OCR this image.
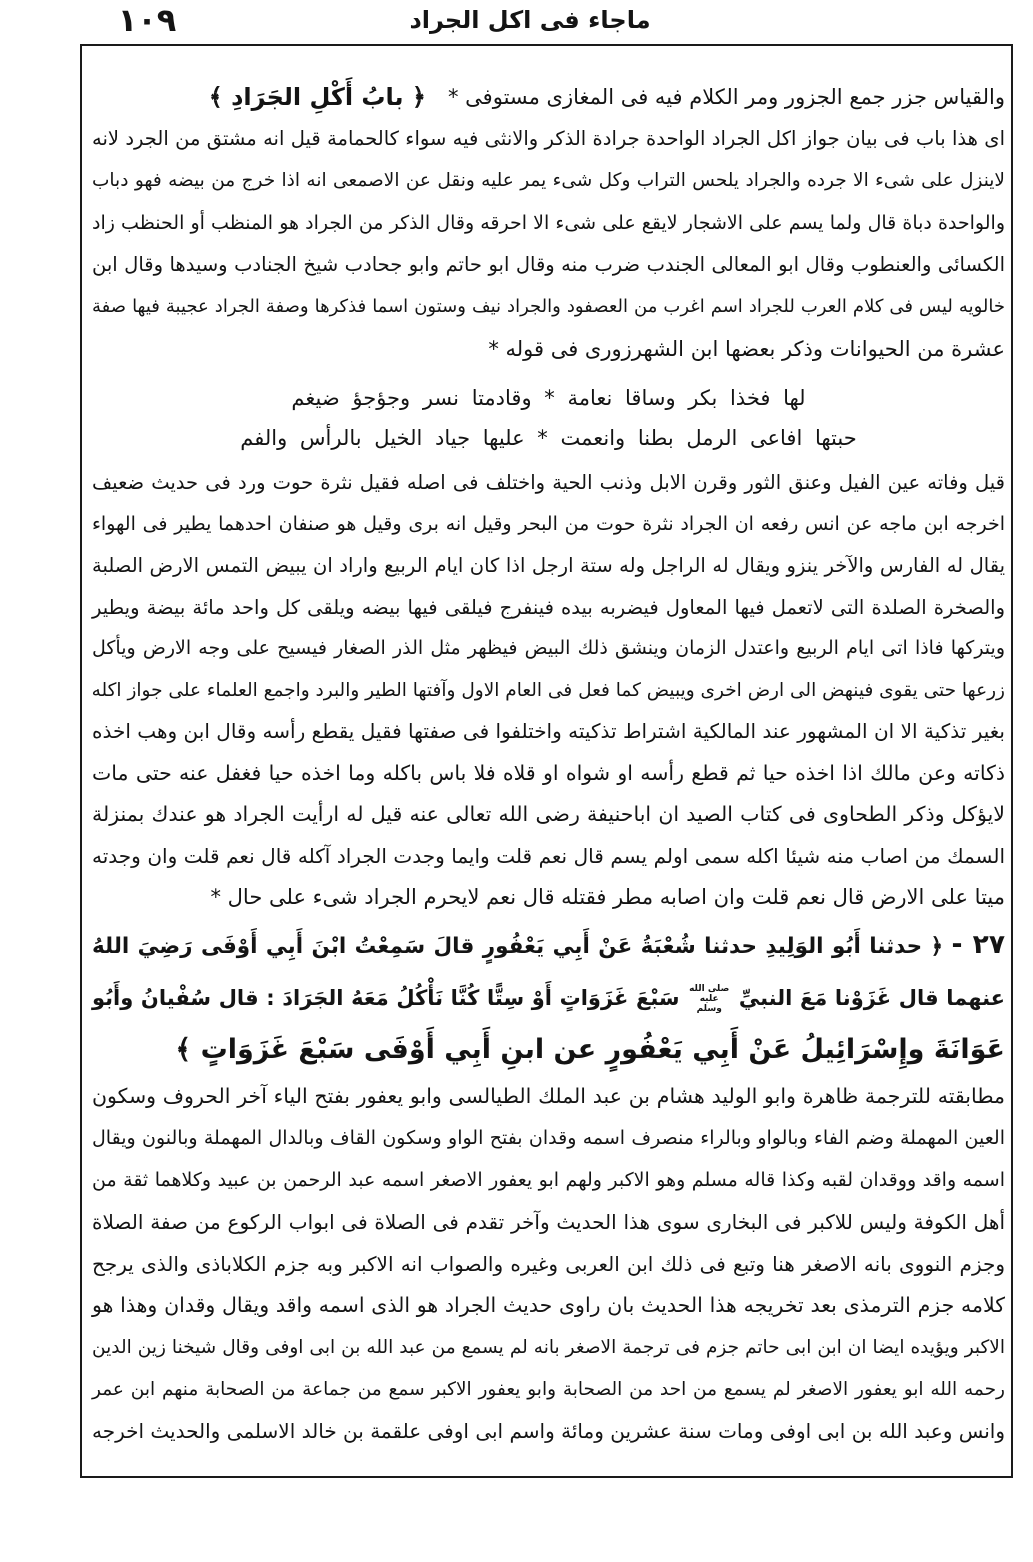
ماجاء فى اكل الجراد
١٠٩
والقياس جزر جمع الجزور ومر الكلام فيه فى المغازى مستوفى *
﴿ بابُ أَكْلِ الجَرَادِ ﴾
اى هذا باب فى بيان جواز اكل الجراد الواحدة جرادة الذكر والانثى فيه سواء كالحمامة قيل انه مشتق من الجرد لانه
لاينزل على شىء الا جرده والجراد يلحس التراب وكل شىء يمر عليه ونقل عن الاصمعى انه اذا خرج من بيضه فهو دباب
والواحدة دباة قال ولما يسم على الاشجار لايقع على شىء الا احرقه وقال الذكر من الجراد هو المنظب أو الحنظب زاد
الكسائى والعنطوب وقال ابو المعالى الجندب ضرب منه وقال ابو حاتم وابو جحادب شيخ الجنادب وسيدها وقال ابن
خالويه ليس فى كلام العرب للجراد اسم اغرب من العصفود والجراد نيف وستون اسما فذكرها وصفة الجراد عجيبة فيها صفة
عشرة من الحيوانات وذكر بعضها ابن الشهرزورى فى قوله *
لها فخذا بكر وساقا نعامة * وقادمتا نسر وجؤجؤ ضيغم
حبتها افاعى الرمل بطنا وانعمت * عليها جياد الخيل بالرأس والفم
قيل وفاته عين الفيل وعنق الثور وقرن الابل وذنب الحية واختلف فى اصله فقيل نثرة حوت ورد فى حديث ضعيف
اخرجه ابن ماجه عن انس رفعه ان الجراد نثرة حوت من البحر وقيل انه برى وقيل هو صنفان احدهما يطير فى الهواء
يقال له الفارس والآخر ينزو ويقال له الراجل وله ستة ارجل اذا كان ايام الربيع واراد ان يبيض التمس الارض الصلبة
والصخرة الصلدة التى لاتعمل فيها المعاول فيضربه بيده فينفرج فيلقى فيها بيضه ويلقى كل واحد مائة بيضة ويطير
ويتركها فاذا اتى ايام الربيع واعتدل الزمان وينشق ذلك البيض فيظهر مثل الذر الصغار فيسيح على وجه الارض ويأكل
زرعها حتى يقوى فينهض الى ارض اخرى ويبيض كما فعل فى العام الاول وآفتها الطير والبرد واجمع العلماء على جواز اكله
بغير تذكية الا ان المشهور عند المالكية اشتراط تذكيته واختلفوا فى صفتها فقيل يقطع رأسه وقال ابن وهب اخذه
ذكاته وعن مالك اذا اخذه حيا ثم قطع رأسه او شواه او قلاه فلا باس باكله وما اخذه حيا فغفل عنه حتى مات
لايؤكل وذكر الطحاوى فى كتاب الصيد ان اباحنيفة رضى الله تعالى عنه قيل له ارأيت الجراد هو عندك بمنزلة
السمك من اصاب منه شيئا اكله سمى اولم يسم قال نعم قلت وايما وجدت الجراد آكله قال نعم قلت وان وجدته
ميتا على الارض قال نعم قلت وان اصابه مطر فقتله قال نعم لايحرم الجراد شىء على حال *
٢٧ - ﴿ حدثنا أَبُو الوَلِيدِ حدثنا شُعْبَةُ عَنْ أَبِي يَعْفُورٍ قالَ سَمِعْتُ ابْنَ أَبِي أَوْفَى رَضِيَ اللهُ
عنهما قال غَزَوْنا مَعَ النبيِّ صلى الله عليه وسلم سَبْعَ غَزَوَاتٍ أَوْ سِتًّا كُنَّا نَأْكُلُ مَعَهُ الجَرَادَ : قال سُفْيانُ وأَبُو
عَوَانَةَ وإِسْرَائِيلُ عَنْ أَبِي يَعْفُورٍ عن ابنِ أَبِي أَوْفَى سَبْعَ غَزَوَاتٍ ﴾
مطابقته للترجمة ظاهرة وابو الوليد هشام بن عبد الملك الطيالسى وابو يعفور بفتح الياء آخر الحروف وسكون
العين المهملة وضم الفاء وبالواو وبالراء منصرف اسمه وقدان بفتح الواو وسكون القاف وبالدال المهملة وبالنون ويقال
اسمه واقد ووقدان لقبه وكذا قاله مسلم وهو الاكبر ولهم ابو يعفور الاصغر اسمه عبد الرحمن بن عبيد وكلاهما ثقة من
أهل الكوفة وليس للاكبر فى البخارى سوى هذا الحديث وآخر تقدم فى الصلاة فى ابواب الركوع من صفة الصلاة
وجزم النووى بانه الاصغر هنا وتبع فى ذلك ابن العربى وغيره والصواب انه الاكبر وبه جزم الكلاباذى والذى يرجح
كلامه جزم الترمذى بعد تخريجه هذا الحديث بان راوى حديث الجراد هو الذى اسمه واقد ويقال وقدان وهذا هو
الاكبر ويؤيده ايضا ان ابن ابى حاتم جزم فى ترجمة الاصغر بانه لم يسمع من عبد الله بن ابى اوفى وقال شيخنا زين الدين
رحمه الله ابو يعفور الاصغر لم يسمع من احد من الصحابة وابو يعفور الاكبر سمع من جماعة من الصحابة منهم ابن عمر
وانس وعبد الله بن ابى اوفى ومات سنة عشرين ومائة واسم ابى اوفى علقمة بن خالد الاسلمى والحديث اخرجه
